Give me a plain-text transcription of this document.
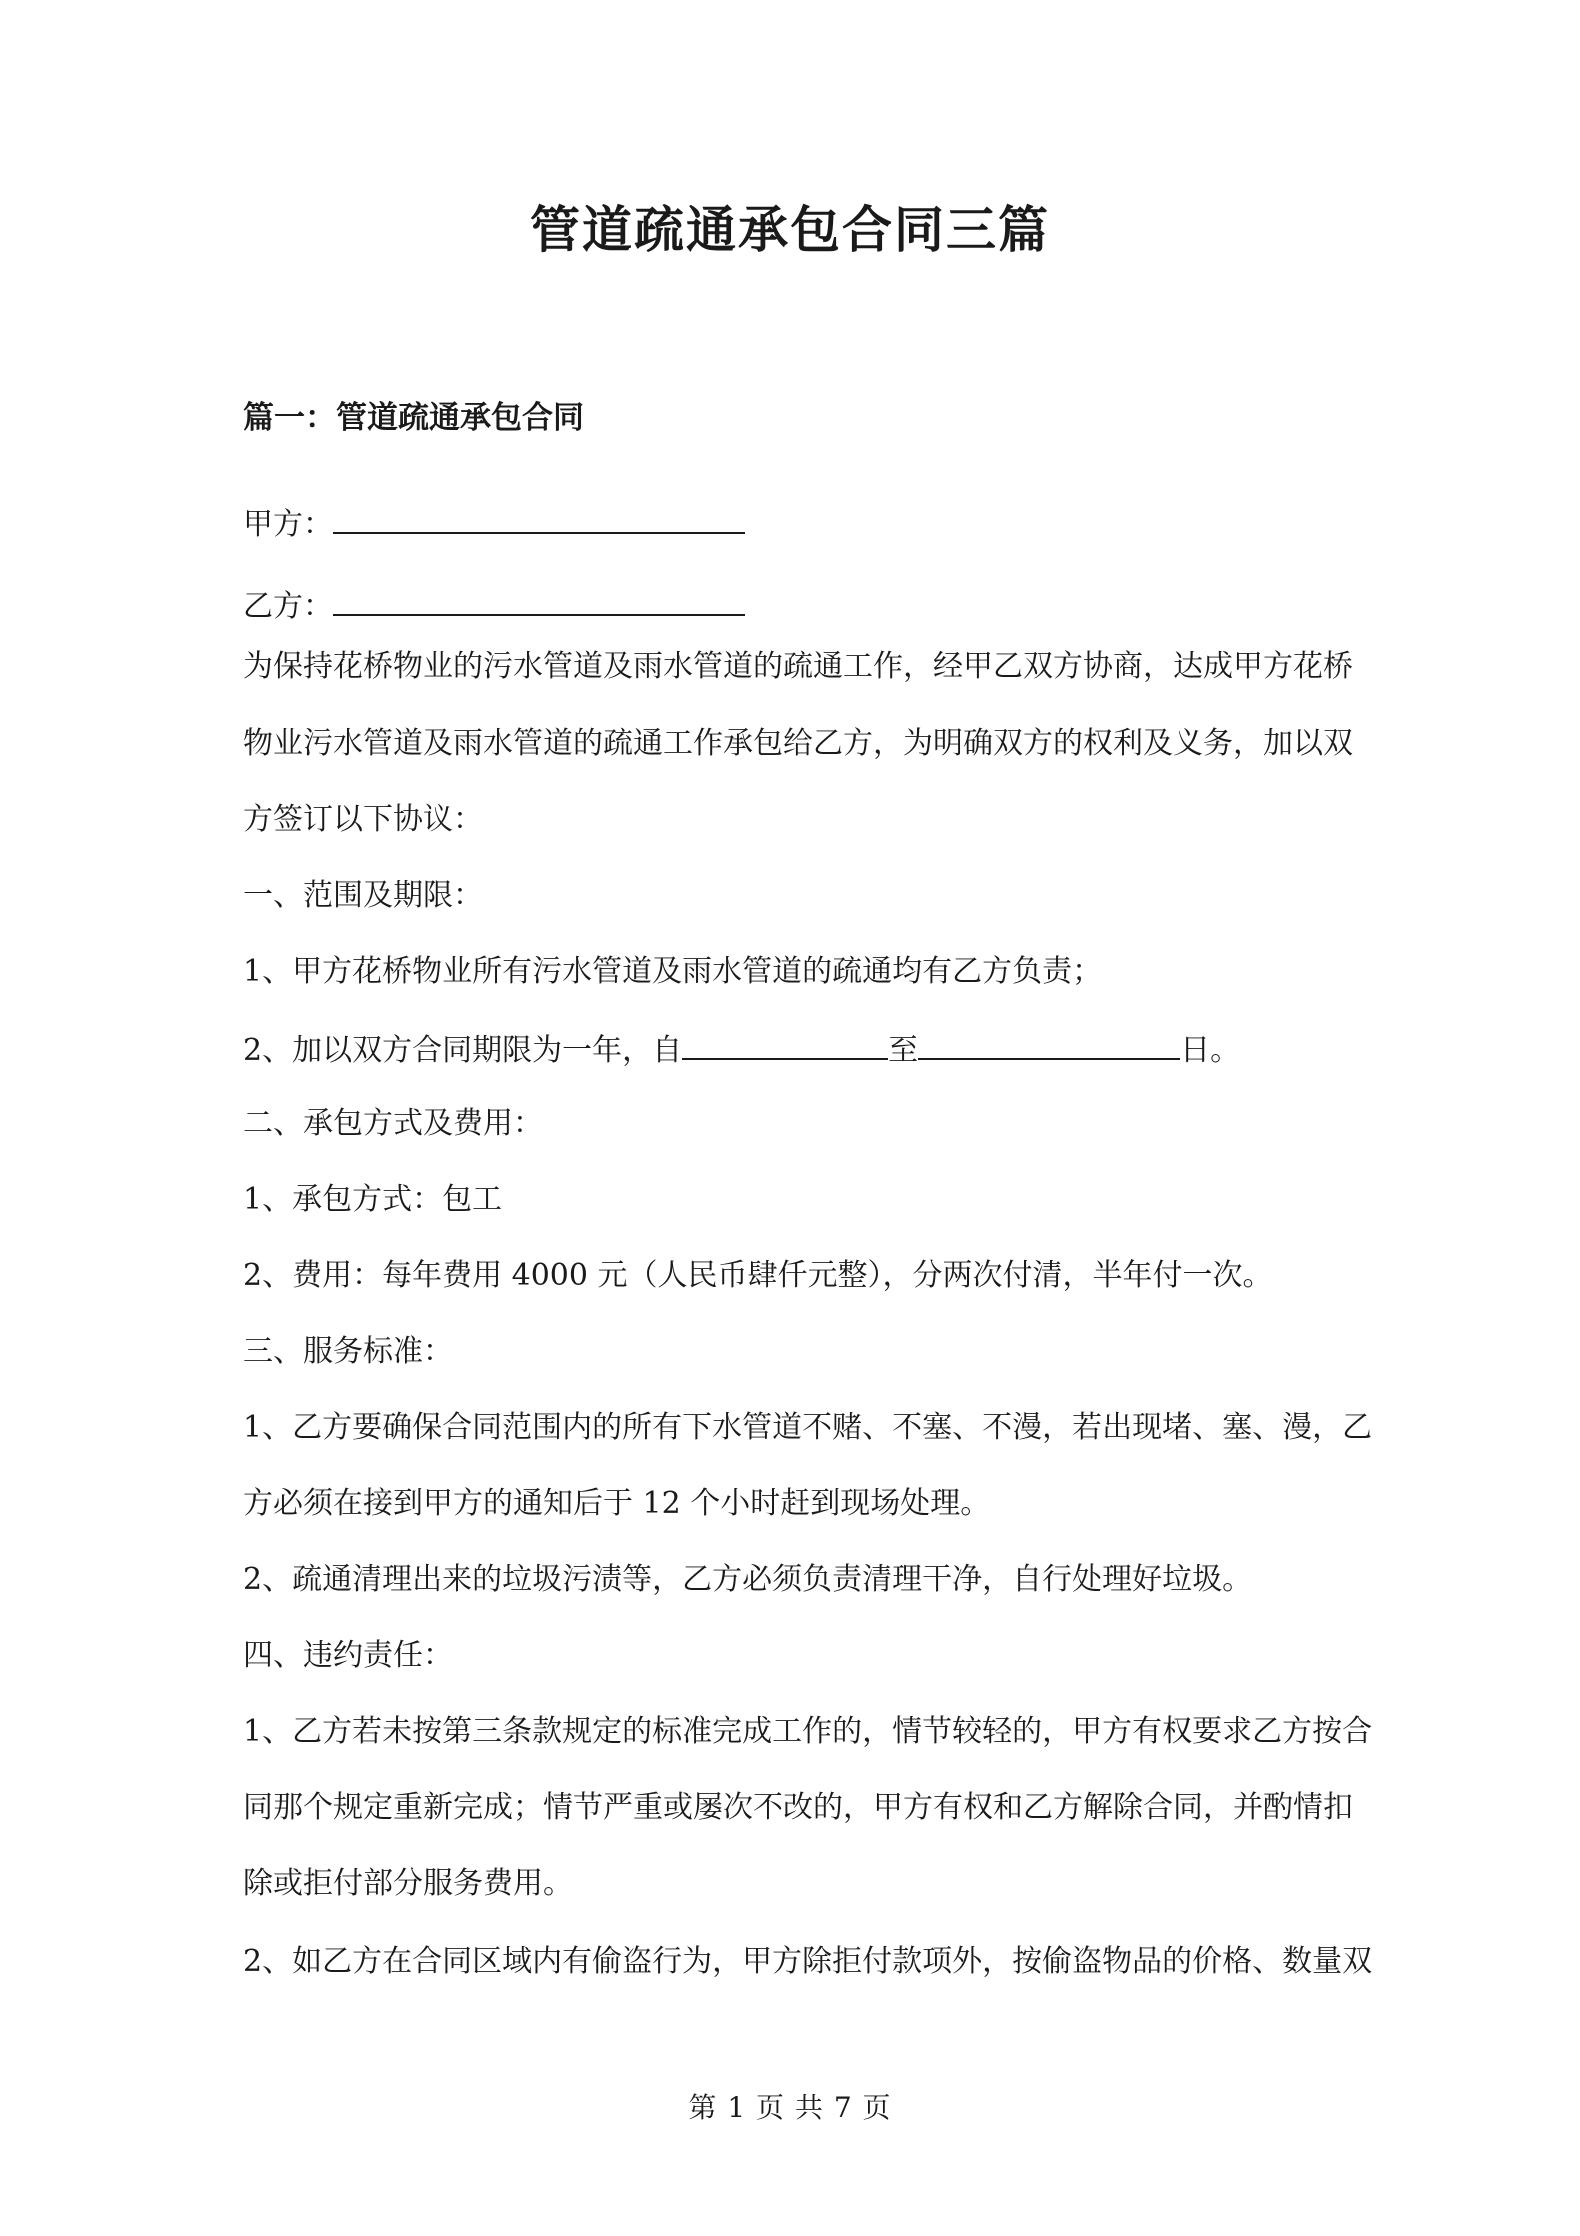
管道疏通承包合同三篇
篇一：管道疏通承包合同
甲方：
乙方：
为保持花桥物业的污水管道及雨水管道的疏通工作，经甲乙双方协商，达成甲方花桥
物业污水管道及雨水管道的疏通工作承包给乙方，为明确双方的权利及义务，加以双
方签订以下协议：
一、范围及期限：
1、甲方花桥物业所有污水管道及雨水管道的疏通均有乙方负责；
2、加以双方合同期限为一年，自	至	日。
二、承包方式及费用：
1、承包方式：包工
2、费用：每年费用 4000 元（人民币肆仟元整），分两次付清，半年付一次。
三、服务标准：
1、乙方要确保合同范围内的所有下水管道不赌、不塞、不漫，若出现堵、塞、漫，乙
方必须在接到甲方的通知后于 12 个小时赶到现场处理。
2、疏通清理出来的垃圾污渍等，乙方必须负责清理干净，自行处理好垃圾。
四、违约责任：
1、乙方若未按第三条款规定的标准完成工作的，情节较轻的，甲方有权要求乙方按合
同那个规定重新完成；情节严重或屡次不改的，甲方有权和乙方解除合同，并酌情扣
除或拒付部分服务费用。
2、如乙方在合同区域内有偷盗行为，甲方除拒付款项外，按偷盗物品的价格、数量双
第 1 页 共 7 页
